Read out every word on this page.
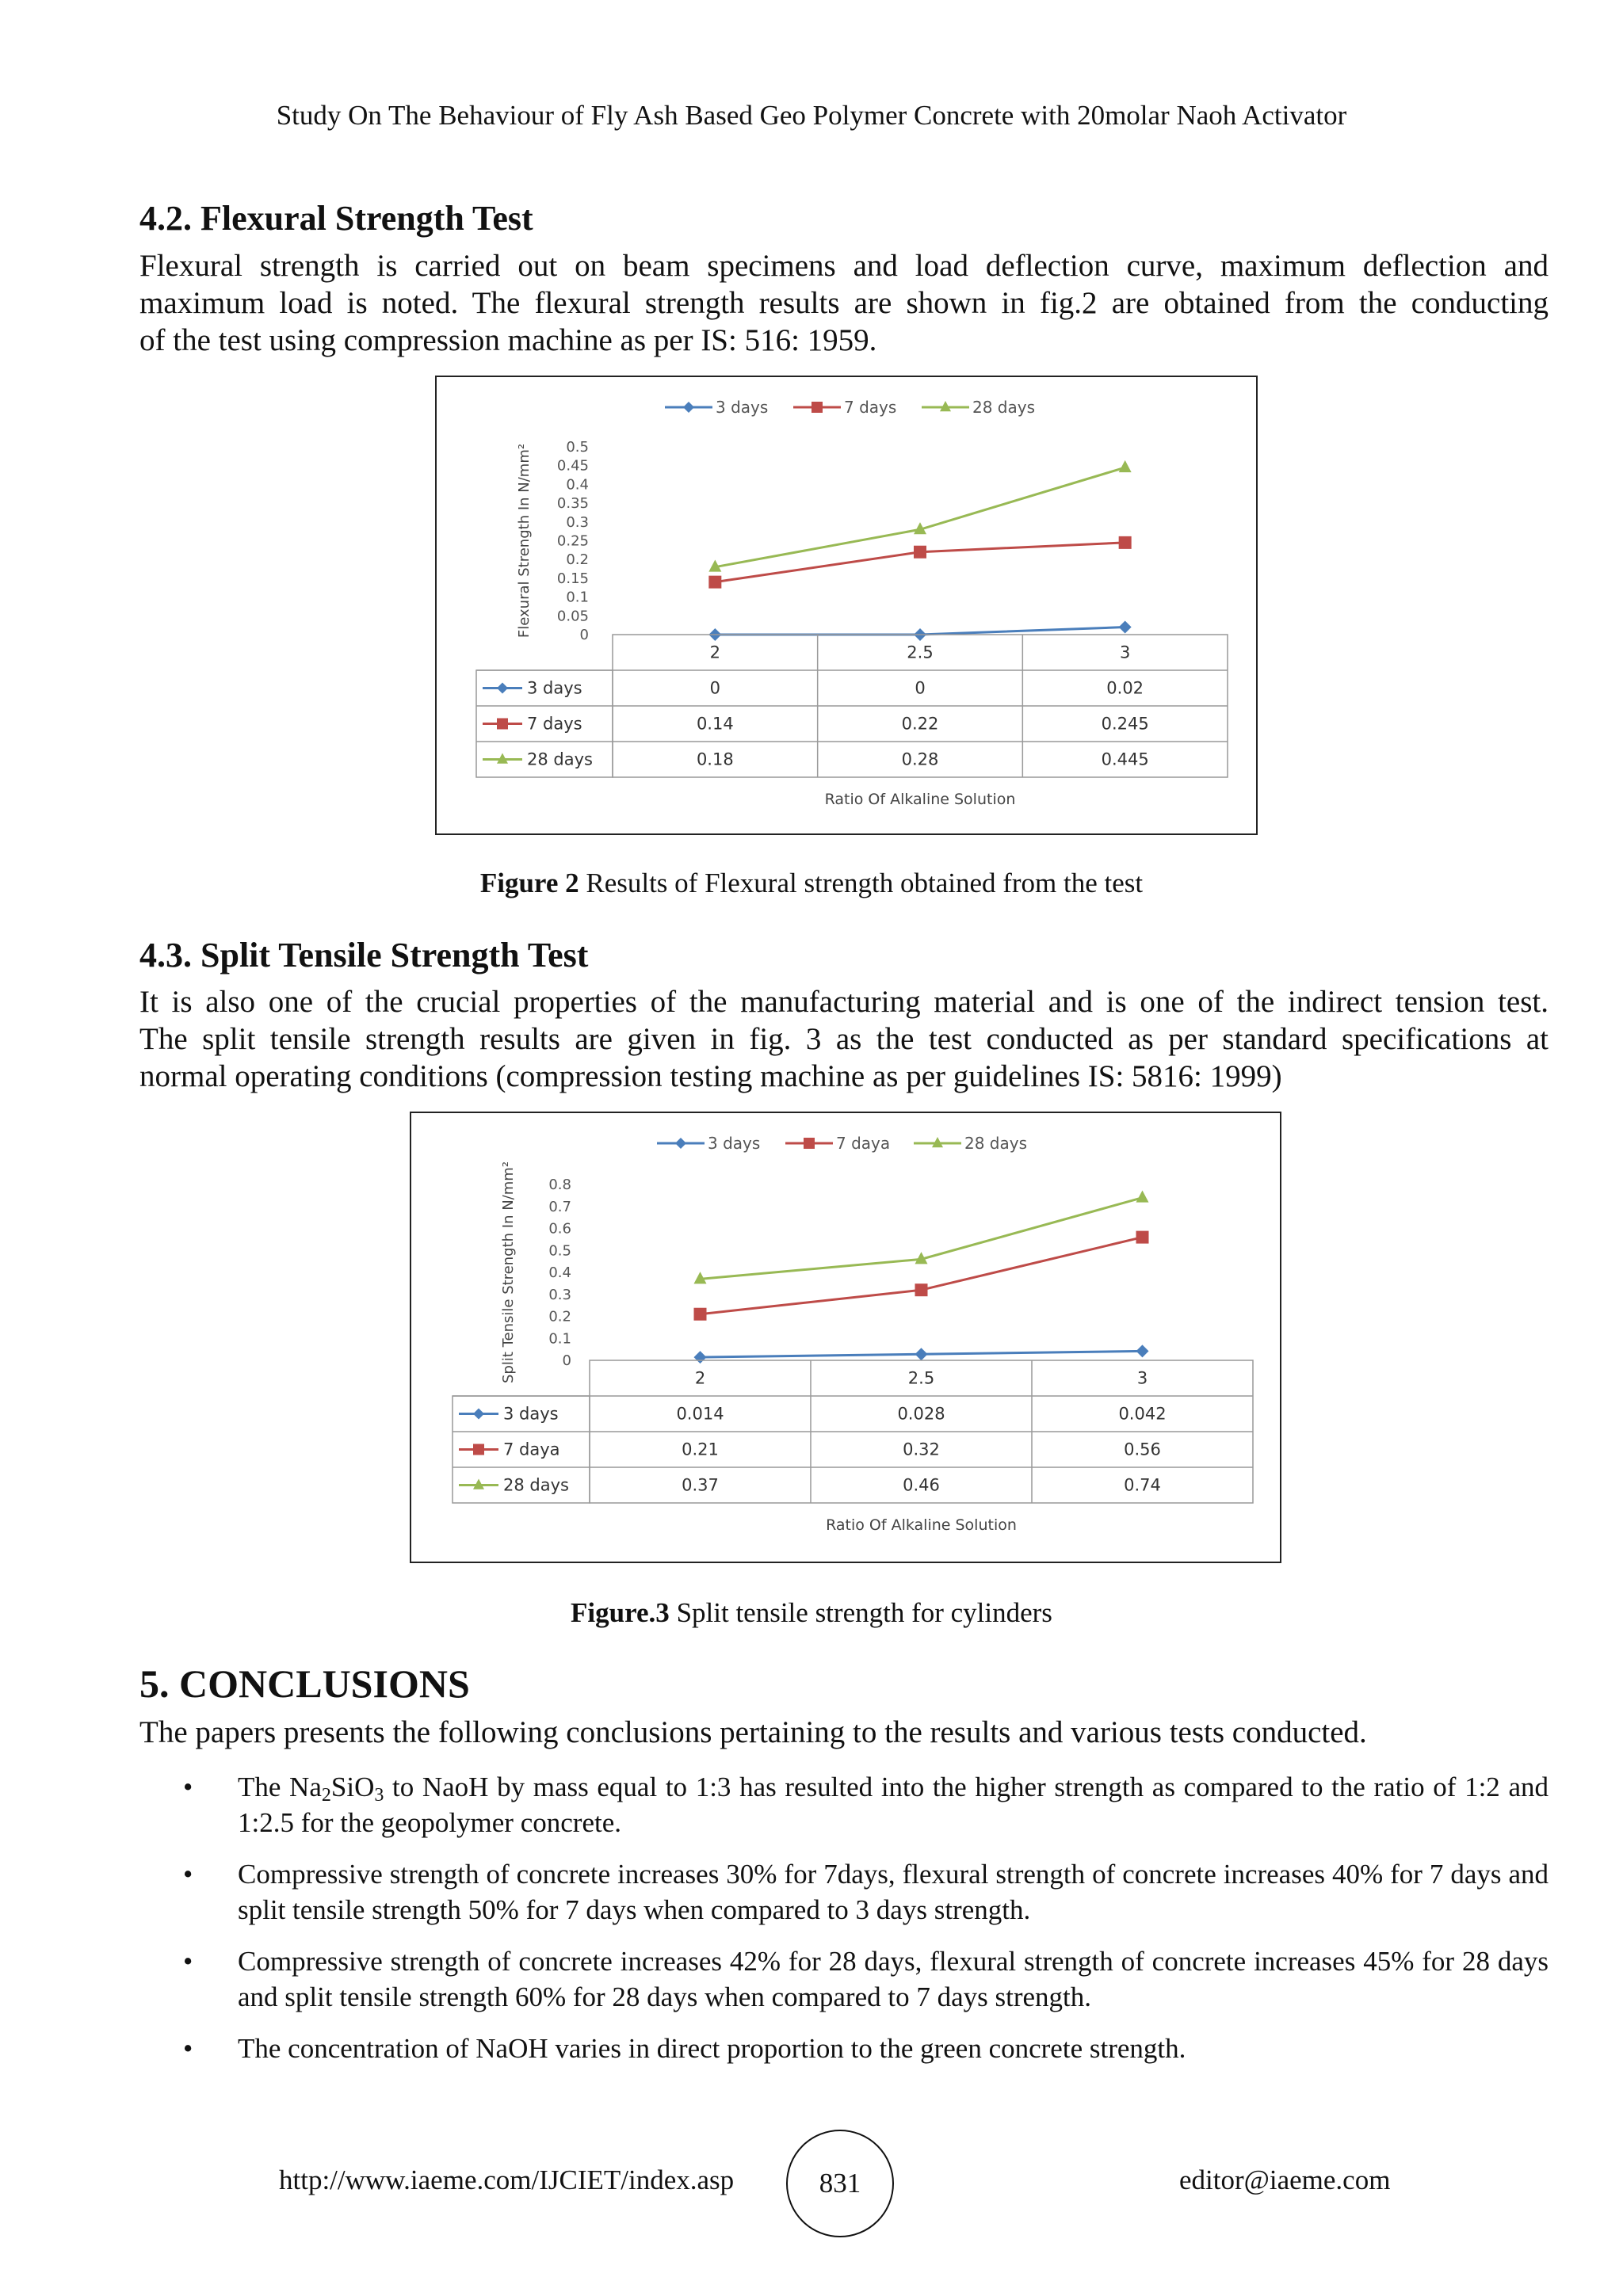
Study On The Behaviour of Fly Ash Based Geo Polymer Concrete with 20molar Naoh Activator
4.2. Flexural Strength Test
Flexural strength is carried out on beam specimens and load deflection curve, maximum deflection and
maximum load is noted. The flexural strength results are shown in fig.2 are obtained from the conducting
of the test using compression machine as per IS: 516: 1959.
3 days	7 days	28 days
Flexural Strength In N/mm²	0
0.05
0.1
0.15
0.2
0.25
0.3
0.35
0.4
0.45
0.5
2	2.5	3
3 days	0	0	0.02
7 days	0.14	0.22	0.245
28 days	0.18	0.28	0.445
Ratio Of Alkaline Solution
Figure 2 Results of Flexural strength obtained from the test
4.3. Split Tensile Strength Test
It is also one of the crucial properties of the manufacturing material and is one of the indirect tension test.
The split tensile strength results are given in fig. 3 as the test conducted as per standard specifications at
normal operating conditions (compression testing machine as per guidelines IS: 5816: 1999)
3 days	7 daya	28 days
Split Tensile Strength In N/mm²	0
0.1
0.2
0.3
0.4
0.5
0.6
0.7
0.8
2	2.5	3
3 days	0.014	0.028	0.042
7 daya	0.21	0.32	0.56
28 days	0.37	0.46	0.74
Ratio Of Alkaline Solution
Figure.3 Split tensile strength for cylinders
5. CONCLUSIONS
The papers presents the following conclusions pertaining to the results and various tests conducted.
• The $Na_2SiO_3$ to NaoH by mass equal to 1:3 has resulted into the higher strength as compared to the ratio of 1:2 and 1:2.5 for the geopolymer concrete.
• Compressive strength of concrete increases 30% for 7days, flexural strength of concrete increases 40% for 7 days and split tensile strength 50% for 7 days when compared to 3 days strength.
• Compressive strength of concrete increases 42% for 28 days, flexural strength of concrete increases 45% for 28 days and split tensile strength 60% for 28 days when compared to 7 days strength.
• The concentration of NaOH varies in direct proportion to the green concrete strength.
http://www.iaeme.com/IJCIET/index.asp	831	editor@iaeme.com
